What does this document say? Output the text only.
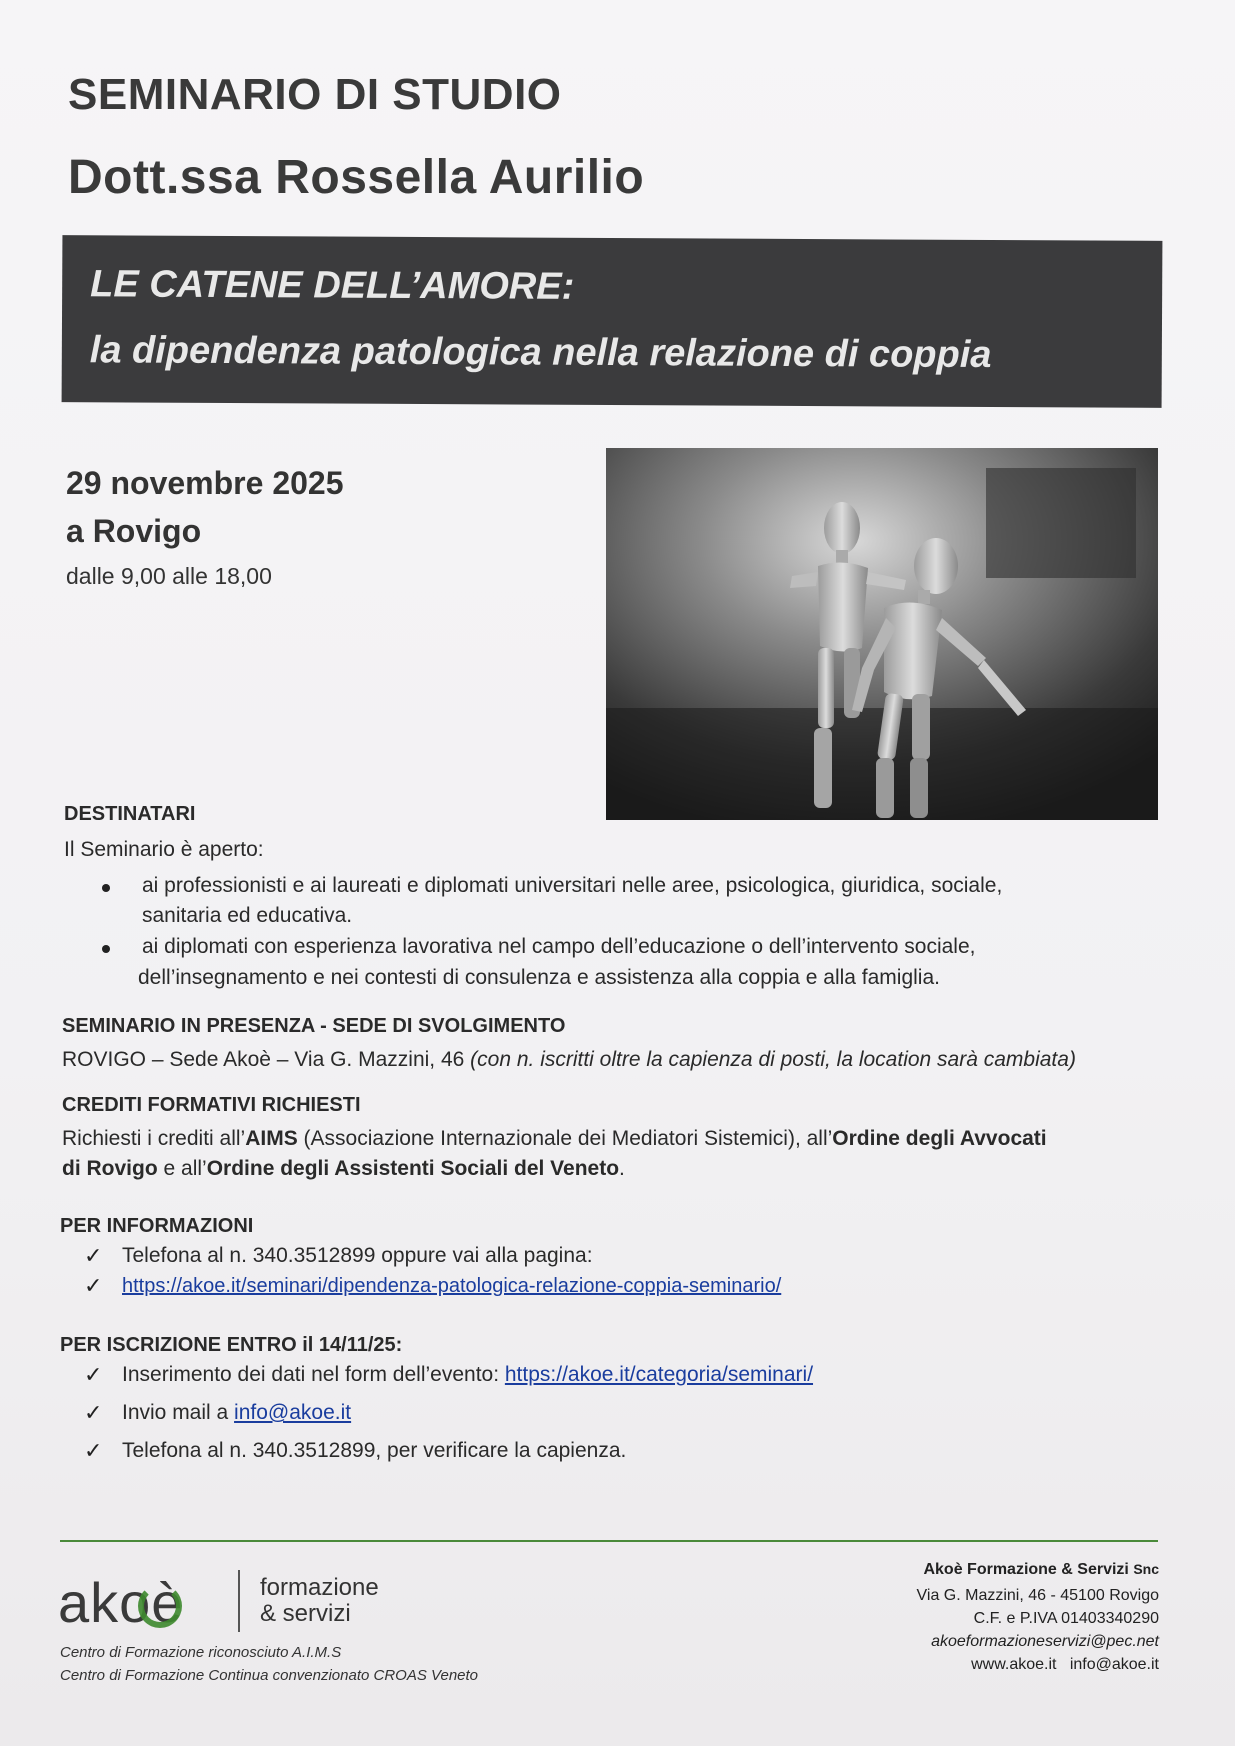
SEMINARIO DI STUDIO
Dott.ssa Rossella Aurilio
LE CATENE DELL’AMORE:
la dipendenza patologica nella relazione di coppia
29 novembre 2025
a Rovigo
dalle 9,00 alle 18,00
DESTINATARI
Il Seminario è aperto:
ai professionisti e ai laureati e diplomati universitari nelle aree, psicologica, giuridica, sociale,
sanitaria ed educativa.
ai diplomati con esperienza lavorativa nel campo dell’educazione o dell’intervento sociale,
dell’insegnamento e nei contesti di consulenza e assistenza alla coppia e alla famiglia.
SEMINARIO IN PRESENZA - SEDE DI SVOLGIMENTO
ROVIGO – Sede Akoè – Via G. Mazzini, 46 (con n. iscritti oltre la capienza di posti, la location sarà cambiata)
CREDITI FORMATIVI RICHIESTI
Richiesti i crediti all’AIMS (Associazione Internazionale dei Mediatori Sistemici), all’Ordine degli Avvocati
di Rovigo e all’Ordine degli Assistenti Sociali del Veneto.
PER INFORMAZIONI
✓ Telefona al n. 340.3512899 oppure vai alla pagina:
✓ https://akoe.it/seminari/dipendenza-patologica-relazione-coppia-seminario/
PER ISCRIZIONE ENTRO il 14/11/25:
✓ Inserimento dei dati nel form dell’evento: https://akoe.it/categoria/seminari/
✓ Invio mail a info@akoe.it
✓ Telefona al n. 340.3512899, per verificare la capienza.
akoè	formazione
& servizi
Centro di Formazione riconosciuto A.I.M.S
Centro di Formazione Continua convenzionato CROAS Veneto
Akoè Formazione & Servizi Snc
Via G. Mazzini, 46 - 45100 Rovigo
C.F. e P.IVA 01403340290
akoeformazioneservizi@pec.net
www.akoe.it info@akoe.it
